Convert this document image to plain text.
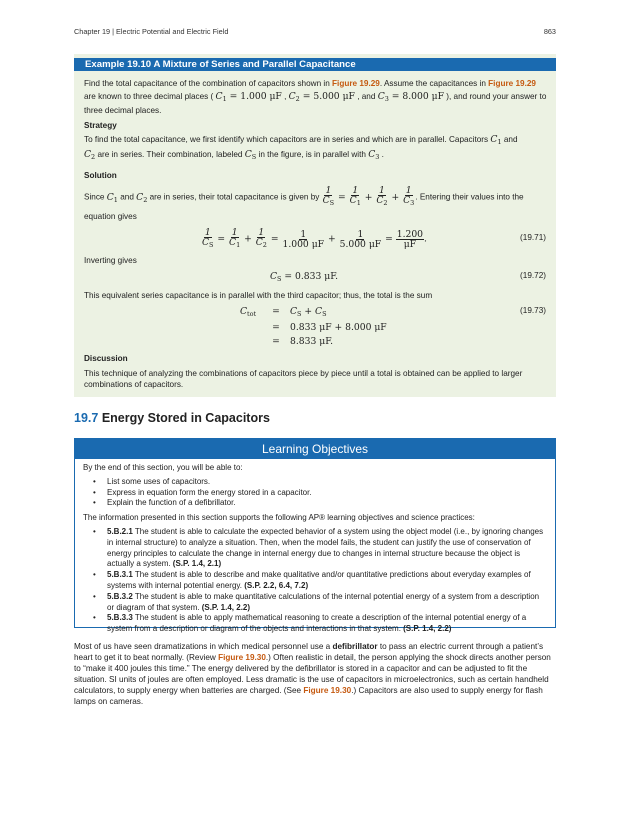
Chapter 19 | Electric Potential and Electric Field	863
Example 19.10 A Mixture of Series and Parallel Capacitance

Find the total capacitance of the combination of capacitors shown in Figure 19.29. Assume the capacitances in Figure 19.29 are known to three decimal places ( $C_1 = 1.000$ μF , $C_2 = 5.000$ μF , and $C_3 = 8.000$ μF ), and round your answer to three decimal places.

Strategy

To find the total capacitance, we first identify which capacitors are in series and which are in parallel. Capacitors $C_1$ and
$C_2$ are in series. Their combination, labeled $C_S$ in the figure, is in parallel with $C_3$ .

Solution

Since $C_1$ and $C_2$ are in series, their total capacitance is given by $\frac{1}{C_S} = \frac{1}{C_1} + \frac{1}{C_2} + \frac{1}{C_3}$ . Entering their values into the

equation gives

$\frac{1}{C_S} = \frac{1}{C_1} + \frac{1}{C_2} = \frac{1}{1.000 \mu F} + \frac{1}{5.000 \mu F} = \frac{1.200}{\mu F}$ .	(19.71)
Inverting gives
$C_S = 0.833$ μF.	(19.72)
This equivalent series capacitance is in parallel with the third capacitor; thus, the total is the sum
$C_{tot} = C_S + C_S$
= 0.833 μF + 8.000 μF
= 8.833 μF.
(19.73)

Discussion

This technique of analyzing the combinations of capacitors piece by piece until a total is obtained can be applied to larger combinations of capacitors.

19.7 Energy Stored in Capacitors
Learning Objectives

By the end of this section, you will be able to:

• List some uses of capacitors.
• Express in equation form the energy stored in a capacitor.
• Explain the function of a defibrillator.

The information presented in this section supports the following AP® learning objectives and science practices:

• 5.B.2.1 The student is able to calculate the expected behavior of a system using the object model (i.e., by ignoring changes in internal structure) to analyze a situation. Then, when the model fails, the student can justify the use of conservation of energy principles to calculate the change in internal energy due to changes in internal structure because the object is actually a system. (S.P. 1.4, 2.1)
• 5.B.3.1 The student is able to describe and make qualitative and/or quantitative predictions about everyday examples of systems with internal potential energy. (S.P. 2.2, 6.4, 7.2)
• 5.B.3.2 The student is able to make quantitative calculations of the internal potential energy of a system from a description or diagram of that system. (S.P. 1.4, 2.2)
• 5.B.3.3 The student is able to apply mathematical reasoning to create a description of the internal potential energy of a system from a description or diagram of the objects and interactions in that system. (S.P. 1.4, 2.2)

Most of us have seen dramatizations in which medical personnel use a defibrillator to pass an electric current through a patient’s heart to get it to beat normally. (Review Figure 19.30.) Often realistic in detail, the person applying the shock directs another person to “make it 400 joules this time.” The energy delivered by the defibrillator is stored in a capacitor and can be adjusted to fit the situation. SI units of joules are often employed. Less dramatic is the use of capacitors in microelectronics, such as certain handheld calculators, to supply energy when batteries are charged. (See Figure 19.30.) Capacitors are also used to supply energy for flash lamps on cameras.
